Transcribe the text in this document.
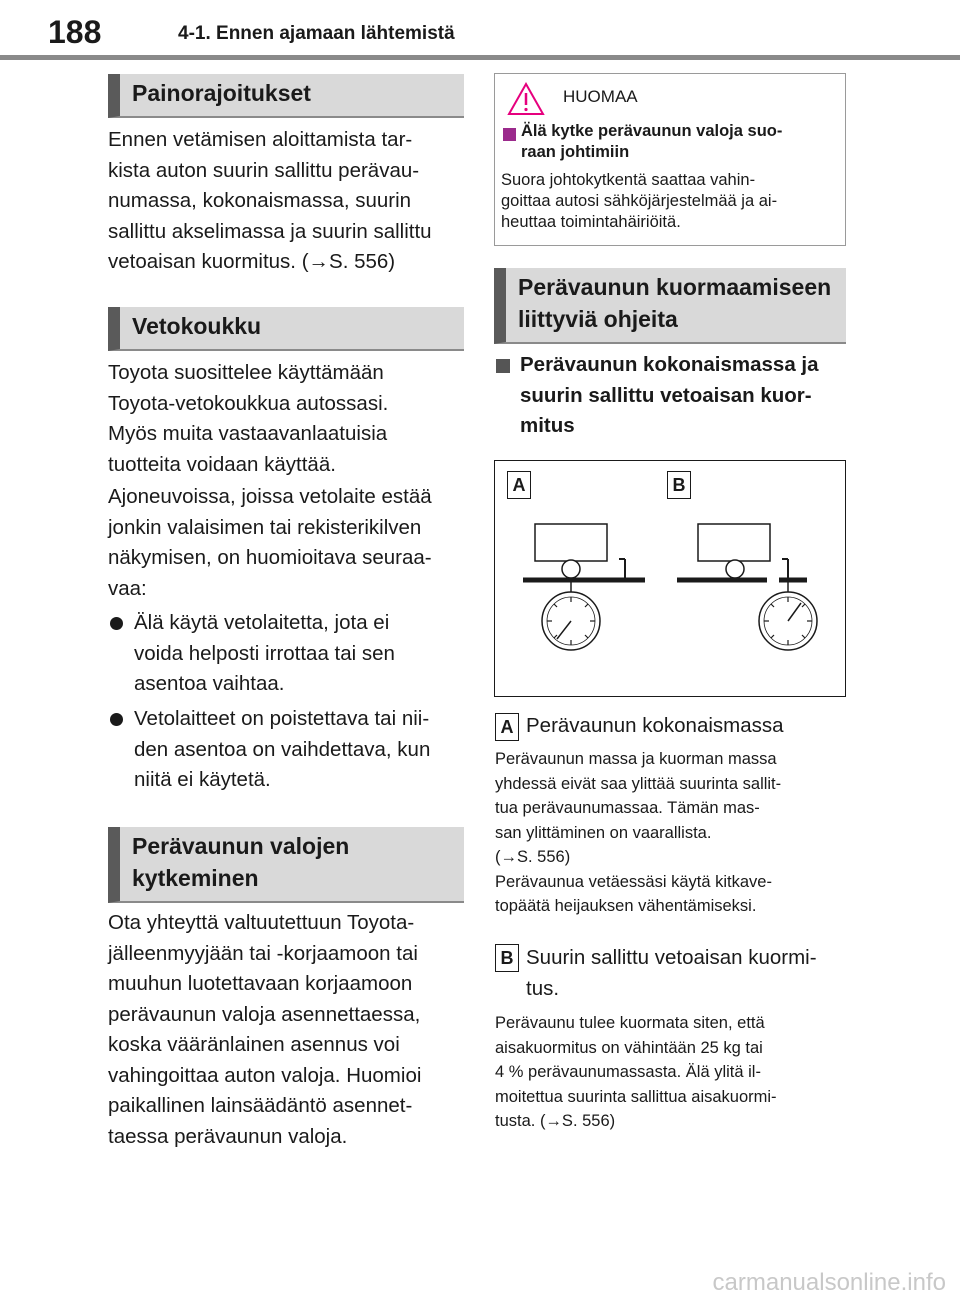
188	4-1. Ennen ajamaan lähtemistä
Painorajoitukset

Ennen vetämisen aloittamista tar-

kista auton suurin sallittu perävau-

numassa, kokonaismassa, suurin

sallittu akselimassa ja suurin sallittu

vetoaisan kuormitus. (→S. 556)

Vetokoukku

Toyota suosittelee käyttämään

Toyota-vetokoukkua autossasi.

Myös muita vastaavanlaatuisia

tuotteita voidaan käyttää.

Ajoneuvoissa, joissa vetolaite estää

jonkin valaisimen tai rekisterikilven

näkymisen, on huomioitava seuraa-

vaa:

Älä käytä vetolaitetta, jota ei

voida helposti irrottaa tai sen

asentoa vaihtaa.

Vetolaitteet on poistettava tai nii-

den asentoa on vaihdettava, kun

niitä ei käytetä.

Perävaunun valojen
kytkeminen

Ota yhteyttä valtuutettuun Toyota-

jälleenmyyjään tai -korjaamoon tai

muuhun luotettavaan korjaamoon

perävaunun valoja asennettaessa,

koska vääränlainen asennus voi

vahingoittaa auton valoja. Huomioi

paikallinen lainsäädäntö asennet-

taessa perävaunun valoja.

HUOMAA

Älä kytke perävaunun valoja suo-

raan johtimiin

Suora johtokytkentä saattaa vahin-

goittaa autosi sähköjärjestelmää ja ai-

heuttaa toimintahäiriöitä.

Perävaunun kuormaamiseen
liittyviä ohjeita

Perävaunun kokonaismassa ja

suurin sallittu vetoaisan kuor-

mitus

A	B
A Perävaunun kokonaismassa

Perävaunun massa ja kuorman massa

yhdessä eivät saa ylittää suurinta sallit-

tua perävaunumassaa. Tämän mas-

san ylittäminen on vaarallista.

(→S. 556)

Perävaunua vetäessäsi käytä kitkave-

topäätä heijauksen vähentämiseksi.

B Suurin sallittu vetoaisan kuormi-

tus.

Perävaunu tulee kuormata siten, että

aisakuormitus on vähintään 25 kg tai

4 % perävaunumassasta. Älä ylitä il-

moitettua suurinta sallittua aisakuormi-

tusta. (→S. 556)

carmanualsonline.info
